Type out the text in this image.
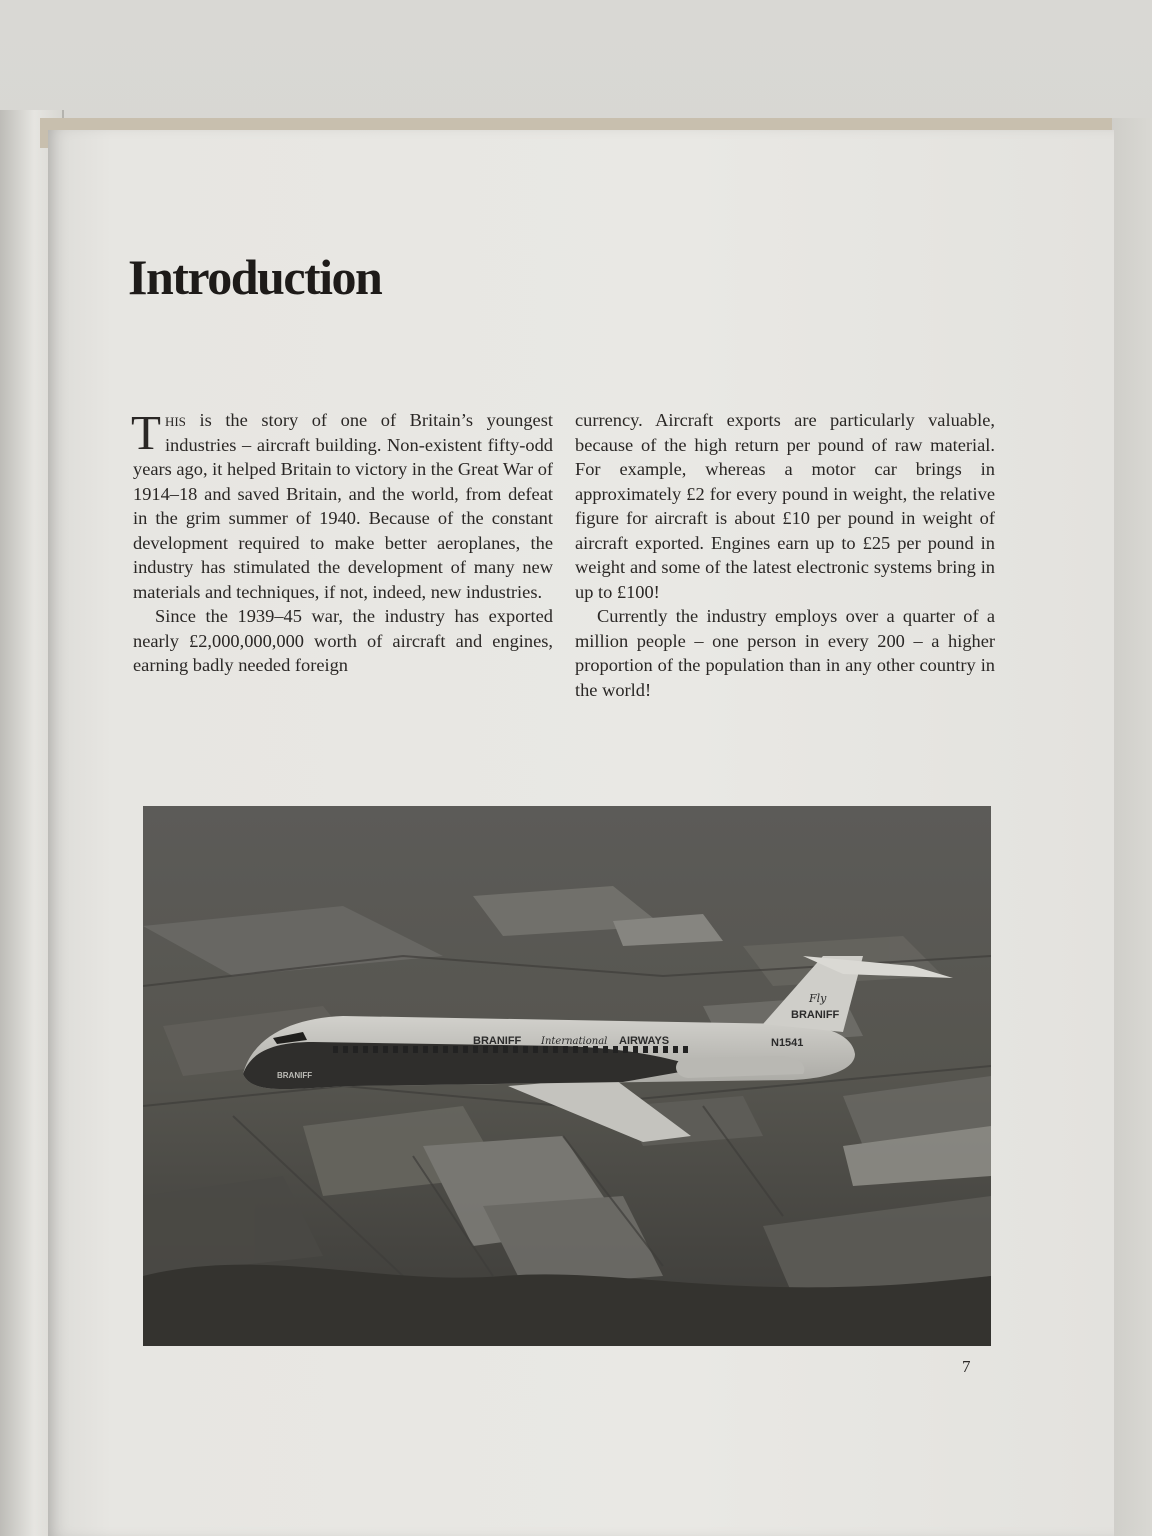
Introduction

This is the story of one of Britain’s youngest industries – aircraft building. Non-existent fifty-odd years ago, it helped Britain to victory in the Great War of 1914–18 and saved Britain, and the world, from defeat in the grim summer of 1940. Because of the constant development required to make better aeroplanes, the industry has stimulated the development of many new materials and techniques, if not, indeed, new industries.

Since the 1939–45 war, the industry has exported nearly £2,000,000,000 worth of aircraft and engines, earning badly needed foreign

currency. Aircraft exports are particularly valuable, because of the high return per pound of raw material. For example, whereas a motor car brings in approximately £2 for every pound in weight, the relative figure for aircraft is about £10 per pound in weight of aircraft exported. Engines earn up to £25 per pound in weight and some of the latest electronic systems bring in up to £100!

Currently the industry employs over a quarter of a million people – one person in every 200 – a higher proportion of the population than in any other country in the world!

BRANIFF International AIRWAYS	N1541
Fly
BRANIFF
BRANIFF
7
